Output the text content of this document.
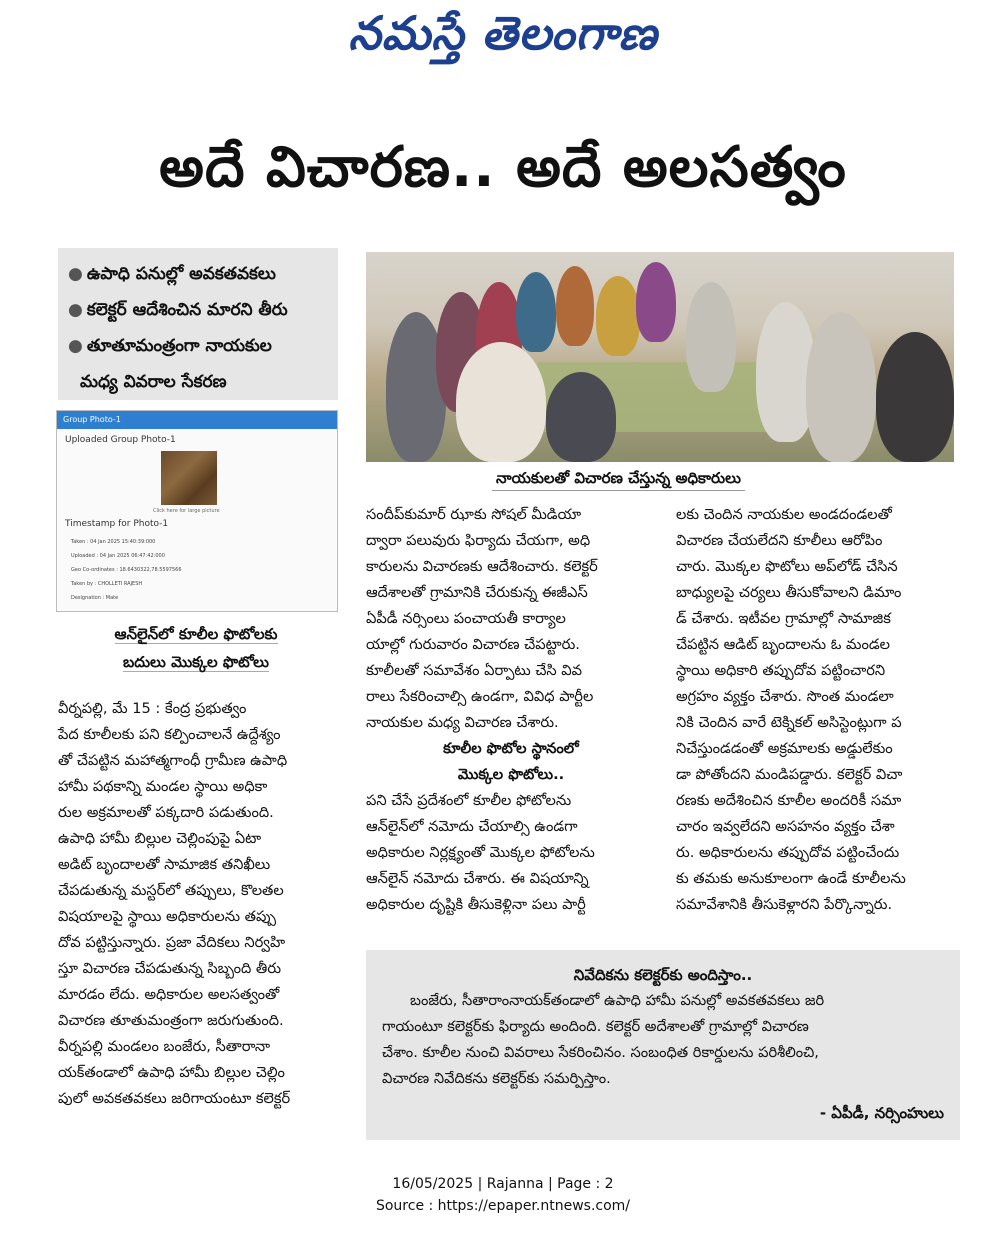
నమస్తే తెలంగాణ
అదే విచారణ.. అదే అలసత్వం
● ఉపాధి పనుల్లో అవకతవకలు
● కలెక్టర్ ఆదేశించిన మారని తీరు
● తూతూమంత్రంగా నాయకుల
మధ్య వివరాల సేకరణ
Group Photo-1
Uploaded Group Photo-1
Click here for large picture
Timestamp for Photo-1
Taken : 04 Jan 2025 15:40:39:000
Uploaded : 04 Jan 2025 06:47:42:000
Geo Co-ordinates : 18.6430322,78.5597566
Taken by : CHOLLETI RAJESH
Designation : Mate
ఆన్‌లైన్‌లో కూలీల ఫొటోలకు
బదులు మొక్కల ఫొటోలు
నాయకులతో విచారణ చేస్తున్న అధికారులు

వీర్నపల్లి, మే 15 : కేంద్ర ప్రభుత్వం

పేద కూలీలకు పని కల్పించాలనే ఉద్దేశ్యం

తో చేపట్టిన మహాత్మగాంధీ గ్రామీణ ఉపాధి

హామీ పథకాన్ని మండల స్థాయి అధికా

రుల అక్రమాలతో పక్కదారి పడుతుంది.

ఉపాధి హామీ బిల్లుల చెల్లింపుపై ఏటా

అడిట్ బృందాలతో సామాజిక తనిఖీలు

చేపడుతున్న మస్టర్‌లో తప్పులు, కొలతల

విషయాలపై స్థాయి అధికారులను తప్పు

దోవ పట్టిస్తున్నారు. ప్రజా వేదికలు నిర్వహి

స్తూ విచారణ చేపడుతున్న సిబ్బంది తీరు

మారడం లేదు. అధికారుల అలసత్వంతో

విచారణ తూతుమంత్రంగా జరుగుతుంది.

వీర్నపల్లి మండలం బంజేరు, సీతారానా

యక్‌తండాలో ఉపాధి హామీ బిల్లుల చెల్లిం

పులో అవకతవకలు జరిగాయంటూ కలెక్టర్

సందీప్‌కుమార్ ఝాకు సోషల్ మీడియా

ద్వారా పలువురు ఫిర్యాదు చేయగా, అధి

కారులను విచారణకు ఆదేశించారు. కలెక్టర్

ఆదేశాలతో గ్రామానికి చేరుకున్న ఈజీఎస్

ఏపీడీ నర్సింలు పంచాయతీ కార్యాల

యాల్లో గురువారం విచారణ చేపట్టారు.

కూలీలతో సమావేశం ఏర్పాటు చేసి వివ

రాలు సేకరించాల్సి ఉండగా, వివిధ పార్టీల

నాయకుల మధ్య విచారణ చేశారు.

కూలీల ఫొటోల స్థానంలో

మొక్కల ఫొటోలు..

పని చేసే ప్రదేశంలో కూలీల ఫోటోలను

ఆన్‌లైన్‌లో నమోదు చేయాల్సి ఉండగా

అధికారుల నిర్లక్ష్యంతో మొక్కల ఫోటోలను

ఆన్‌లైన్ నమోదు చేశారు. ఈ విషయాన్ని

అధికారుల దృష్టికి తీసుకెళ్లినా పలు పార్టీ

లకు చెందిన నాయకుల అండదండలతో

విచారణ చేయలేదని కూలీలు ఆరోపిం

చారు. మొక్కల ఫొటోలు అప్‌లోడ్ చేసిన

బాధ్యులపై చర్యలు తీసుకోవాలని డిమాం

డ్ చేశారు. ఇటీవల గ్రామాల్లో సామాజిక

చేపట్టిన ఆడిట్ బృందాలను ఓ మండల

స్థాయి అధికారి తప్పుదోవ పట్టించారని

అగ్రహం వ్యక్తం చేశారు. సొంత మండలా

నికి చెందిన వారే టెక్నికల్ అసిస్టెంట్లుగా ప

నిచేస్తుండడంతో అక్రమాలకు అడ్డులేకుం

డా పోతోందని మండిపడ్డారు. కలెక్టర్ విచా

రణకు అదేశించిన కూలీల అందరికీ సమా

చారం ఇవ్వలేదని అసహనం వ్యక్తం చేశా

రు. అధికారులను తప్పుదోవ పట్టించేందు

కు తమకు అనుకూలంగా ఉండే కూలీలను

సమావేశానికి తీసుకెళ్లారని పేర్కొన్నారు.

నివేదికను కలెక్టర్‌కు అందిస్తాం..
బంజేరు, సీతారాంనాయక్‌తండాలో ఉపాధి హామీ పనుల్లో అవకతవకలు జరి
గాయంటూ కలెక్టర్‌కు ఫిర్యాదు అందింది. కలెక్టర్ అదేశాలతో గ్రామాల్లో విచారణ
చేశాం. కూలీల నుంచి వివరాలు సేకరించినం. సంబంధిత రికార్డులను పరిశీలించి,
విచారణ నివేదికను కలెక్టర్‌కు సమర్పిస్తాం.
- ఏపీడీ, నర్సింహులు
16/05/2025 | Rajanna | Page : 2
Source : https://epaper.ntnews.com/
